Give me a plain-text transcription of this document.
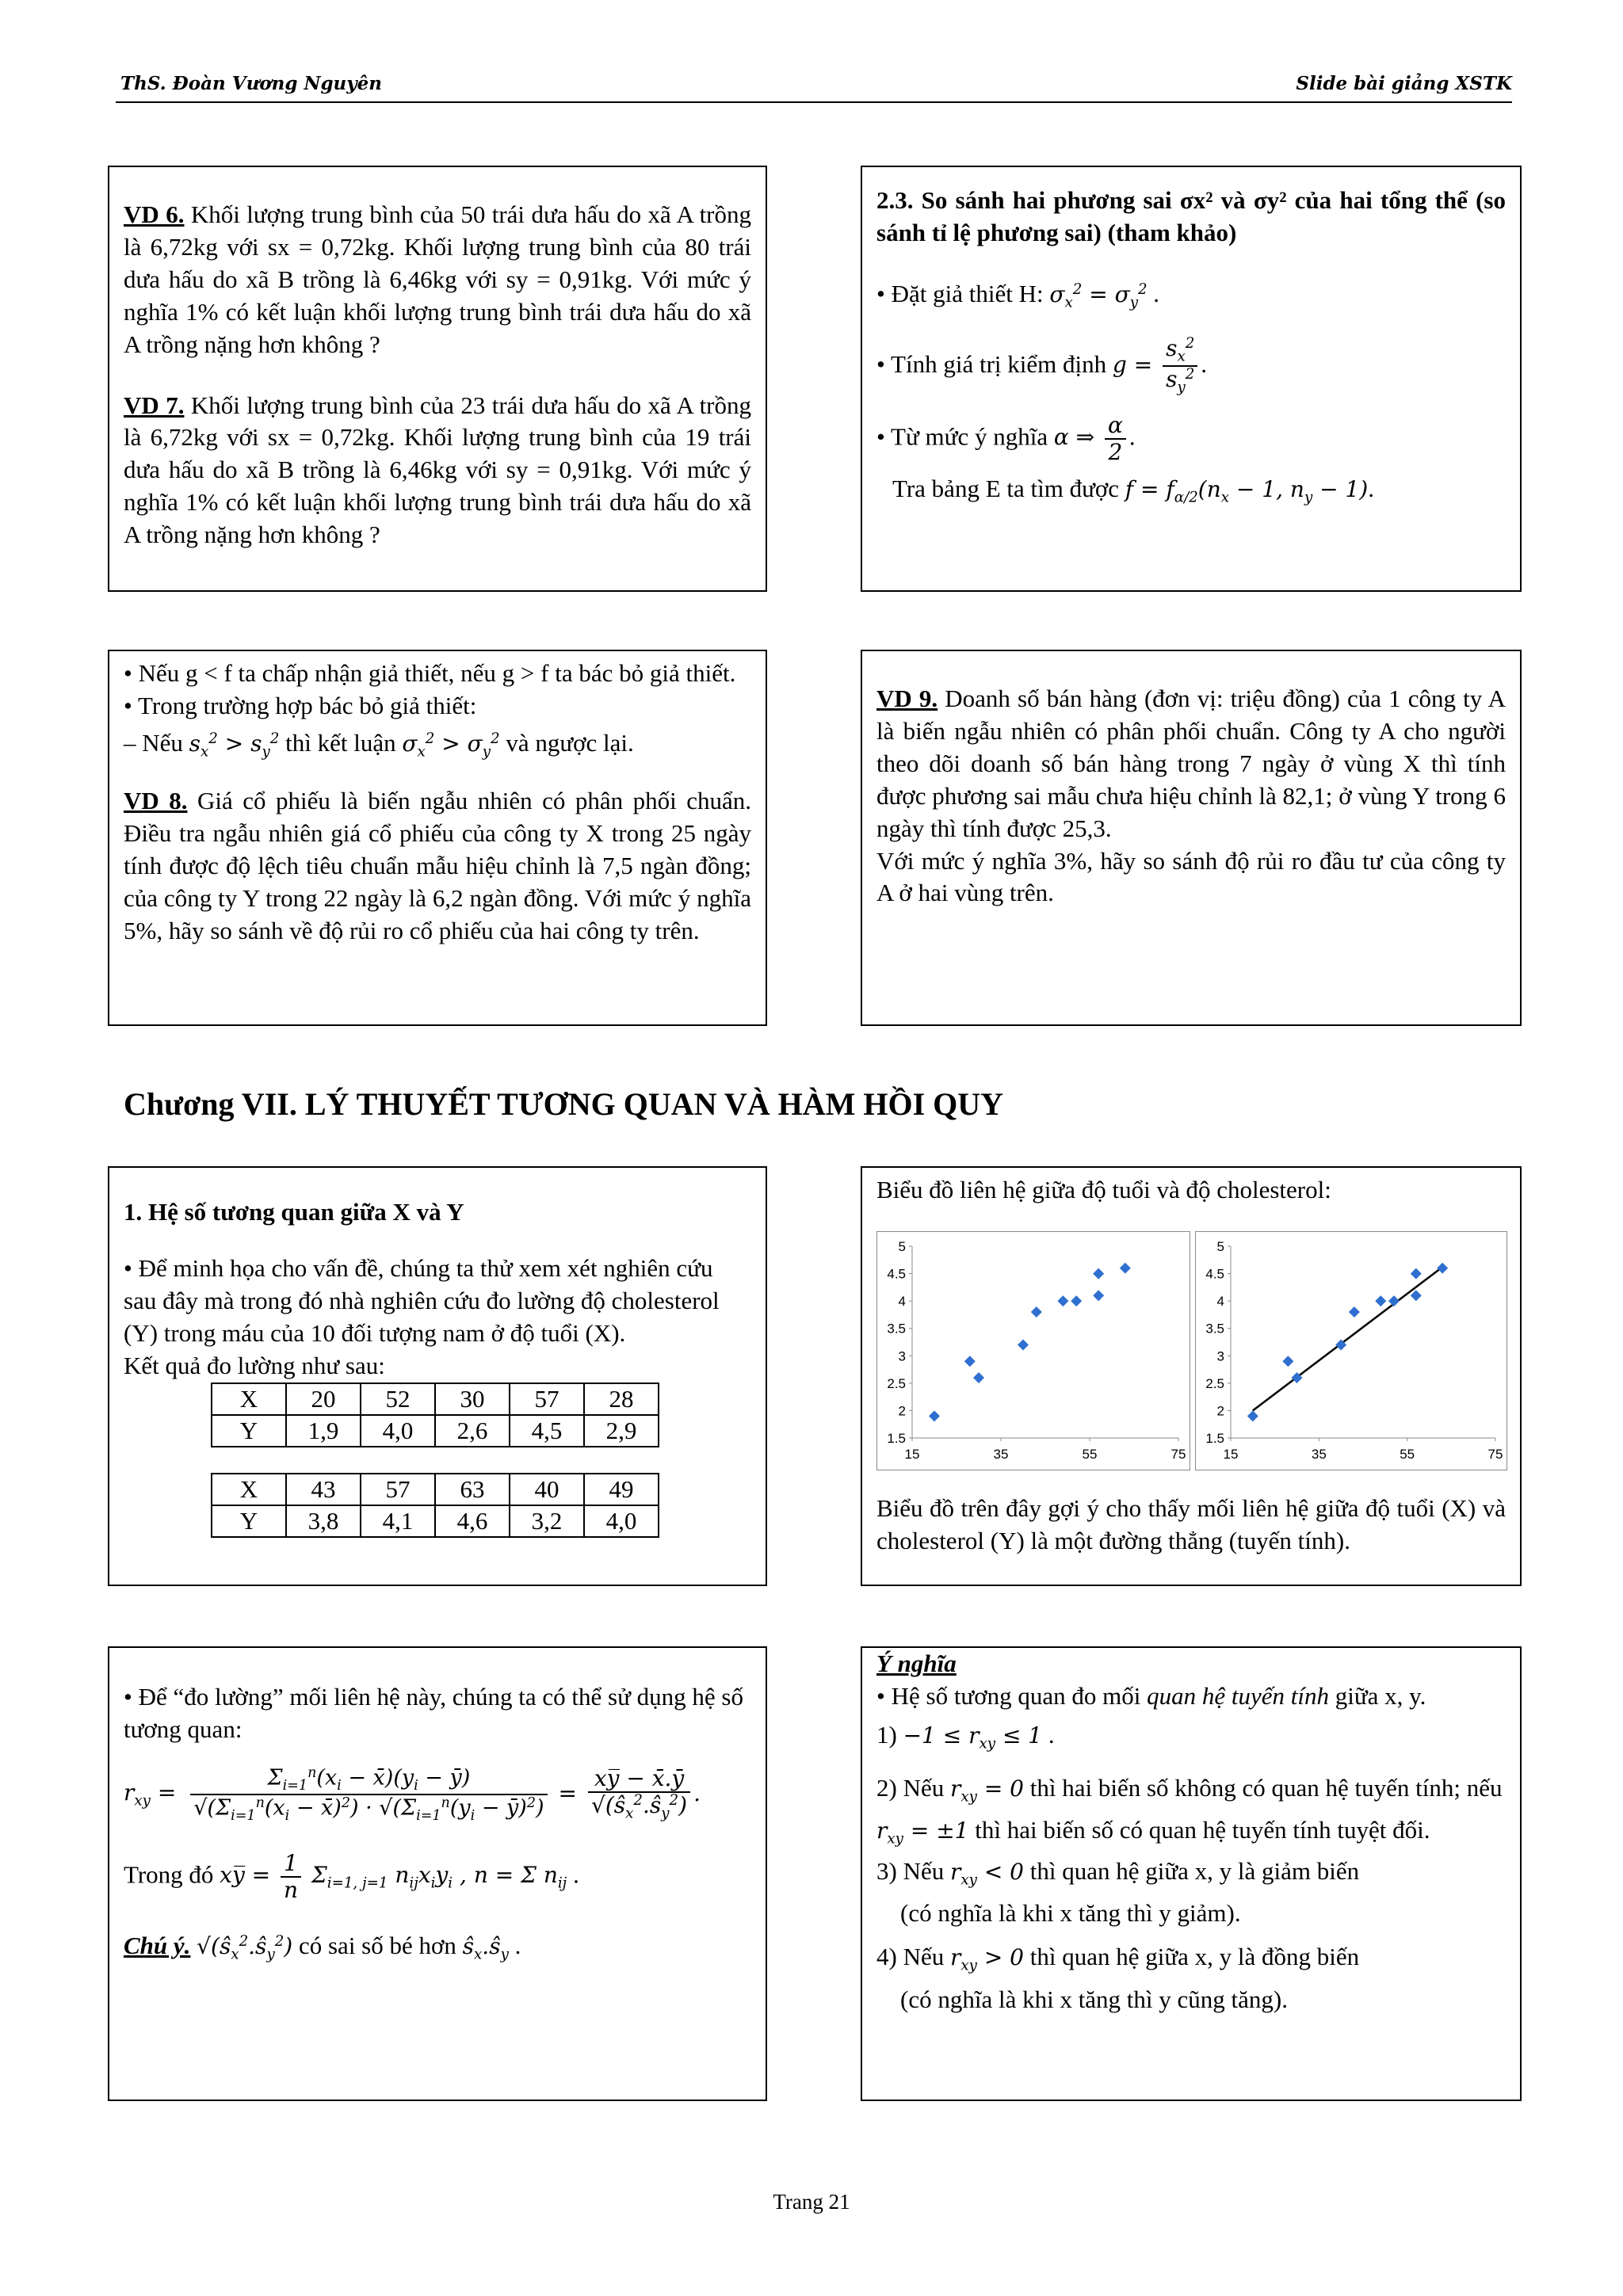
ThS. Đoàn Vương Nguyên	Slide bài giảng XSTK

VD 6. Khối lượng trung bình của 50 trái dưa hấu do xã A trồng là 6,72kg với sx = 0,72kg. Khối lượng trung bình của 80 trái dưa hấu do xã B trồng là 6,46kg với sy = 0,91kg. Với mức ý nghĩa 1% có kết luận khối lượng trung bình trái dưa hấu do xã A trồng nặng hơn không ?

VD 7. Khối lượng trung bình của 23 trái dưa hấu do xã A trồng là 6,72kg với sx = 0,72kg. Khối lượng trung bình của 19 trái dưa hấu do xã B trồng là 6,46kg với sy = 0,91kg. Với mức ý nghĩa 1% có kết luận khối lượng trung bình trái dưa hấu do xã A trồng nặng hơn không ?

2.3. So sánh hai phương sai σx² và σy² của hai tổng thể (so sánh tỉ lệ phương sai) (tham khảo)

• Đặt giả thiết H: $\sigma_x^2 = \sigma_y^2$ .

• Tính giá trị kiểm định $g = \frac{s_x^2}{s_y^2}$ .

• Từ mức ý nghĩa α ⇒ $\frac{\alpha}{2}$ .

Tra bảng E ta tìm được $f = f_{\alpha/2}(n_x - 1$, $n_y - 1$).

• Nếu g < f ta chấp nhận giả thiết, nếu g > f ta bác bỏ giả thiết.

• Trong trường hợp bác bỏ giả thiết:

– Nếu $s_x^2 > s_y^2$ thì kết luận $\sigma_x^2 > \sigma_y^2$ và ngược lại.

VD 8. Giá cổ phiếu là biến ngẫu nhiên có phân phối chuẩn. Điều tra ngẫu nhiên giá cổ phiếu của công ty X trong 25 ngày tính được độ lệch tiêu chuẩn mẫu hiệu chỉnh là 7,5 ngàn đồng; của công ty Y trong 22 ngày là 6,2 ngàn đồng. Với mức ý nghĩa 5%, hãy so sánh về độ rủi ro cổ phiếu của hai công ty trên.

VD 9. Doanh số bán hàng (đơn vị: triệu đồng) của 1 công ty A là biến ngẫu nhiên có phân phối chuẩn. Công ty A cho người theo dõi doanh số bán hàng trong 7 ngày ở vùng X thì tính được phương sai mẫu chưa hiệu chỉnh là 82,1; ở vùng Y trong 6 ngày thì tính được 25,3.

Với mức ý nghĩa 3%, hãy so sánh độ rủi ro đầu tư của công ty A ở hai vùng trên.

Chương VII. LÝ THUYẾT TƯƠNG QUAN VÀ HÀM HỒI QUY

1. Hệ số tương quan giữa X và Y

• Để minh họa cho vấn đề, chúng ta thử xem xét nghiên cứu sau đây mà trong đó nhà nghiên cứu đo lường độ cholesterol (Y) trong máu của 10 đối tượng nam ở độ tuổi (X).

Kết quả đo lường như sau:

X	20	52	30	57	28
Y	1,9	4,0	2,6	4,5	2,9
X	43	57	63	40	49
Y	3,8	4,1	4,6	3,2	4,0

Biểu đồ liên hệ giữa độ tuổi và độ cholesterol:

1.5
2
2.5
3
3.5
4
4.5
5
15	35	55	75
1.5
2
2.5
3
3.5
4
4.5
5
15	35	55	75

Biểu đồ trên đây gợi ý cho thấy mối liên hệ giữa độ tuổi (X) và cholesterol (Y) là một đường thẳng (tuyến tính).

• Để “đo lường” mối liên hệ này, chúng ta có thể sử dụng hệ số tương quan:

$r_{xy} = \frac{\Sigma_{i=1}^n(x_i - x̄)(y_i - ȳ)}{√(\Sigma_{i=1}^n(x_i - x̄)^2) \cdot √(\Sigma_{i=1}^n(y_i - ȳ)^2)} = \frac{xy̅ - x̄.ȳ}{√(ŝ_x^2.ŝ_y^2)}$ .

Trong đó xy̅ = $\frac{1}{n} \Sigma_{i=1, j=1}$ $n_{ij}x_iy_i$ , n = Σ $n_{ij}$ .

Chú ý. $√(ŝ_x^2.ŝ_y^2)$ có sai số bé hơn $ŝ_x.ŝ_y$ .

Ý nghĩa

• Hệ số tương quan đo mối quan hệ tuyến tính giữa x, y.

$1) -1 \le r_{xy} \le 1$ .

2) Nếu $r_{xy} = 0$ thì hai biến số không có quan hệ tuyến tính; nếu $r_{xy} = \pm 1$ thì hai biến số có quan hệ tuyến tính tuyệt đối.

3) Nếu $r_{xy} < 0$ thì quan hệ giữa x, y là giảm biến

(có nghĩa là khi x tăng thì y giảm).

4) Nếu $r_{xy} > 0$ thì quan hệ giữa x, y là đồng biến

(có nghĩa là khi x tăng thì y cũng tăng).

Trang 21
